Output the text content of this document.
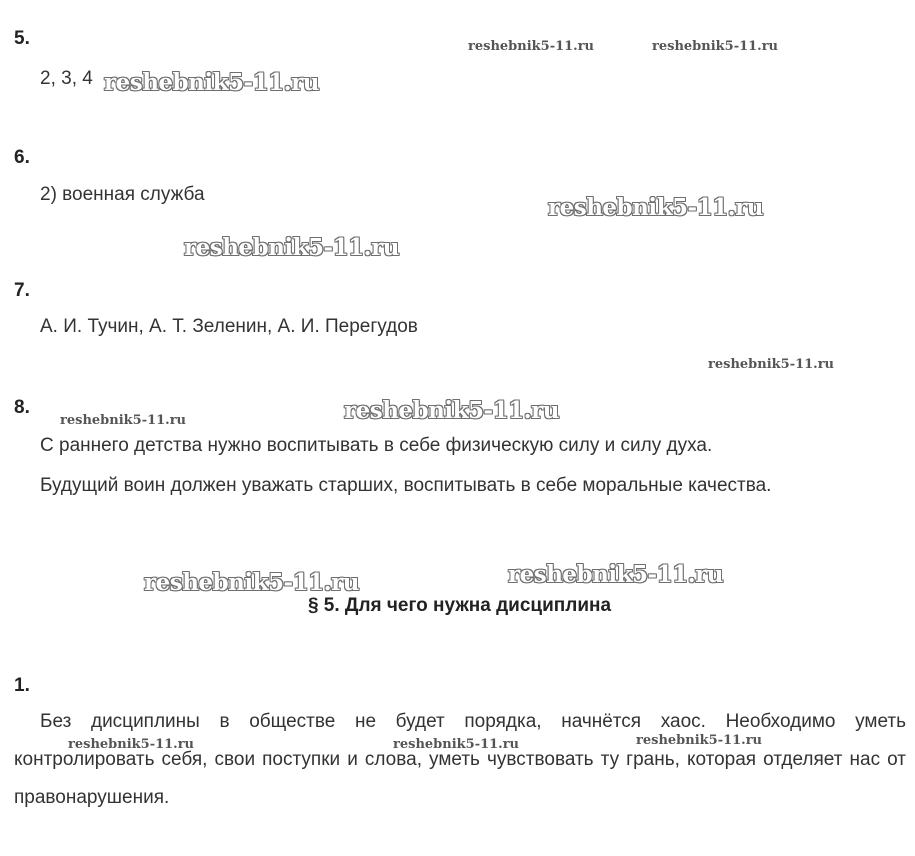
5.
2, 3, 4
6.
2) военная служба
7.
А. И. Тучин, А. Т. Зеленин, А. И. Перегудов
8.

С раннего детства нужно воспитывать в себе физическую силу и силу духа.

Будущий воин должен уважать старших, воспитывать в себе моральные качества.

§ 5. Для чего нужна дисциплина
1.

Без дисциплины в обществе не будет порядка, начнётся хаос. Необходимо уметь контролировать себя, свои поступки и слова, уметь чувствовать ту грань, которая отделяет нас от правонарушения.

reshebnik5-11.ru	reshebnik5-11.ru
reshebnik5-11.ru
reshebnik5-11.ru
reshebnik5-11.ru
reshebnik5-11.ru
reshebnik5-11.ru	reshebnik5-11.ru
reshebnik5-11.ru	reshebnik5-11.ru
reshebnik5-11.ru	reshebnik5-11.ru	reshebnik5-11.ru
